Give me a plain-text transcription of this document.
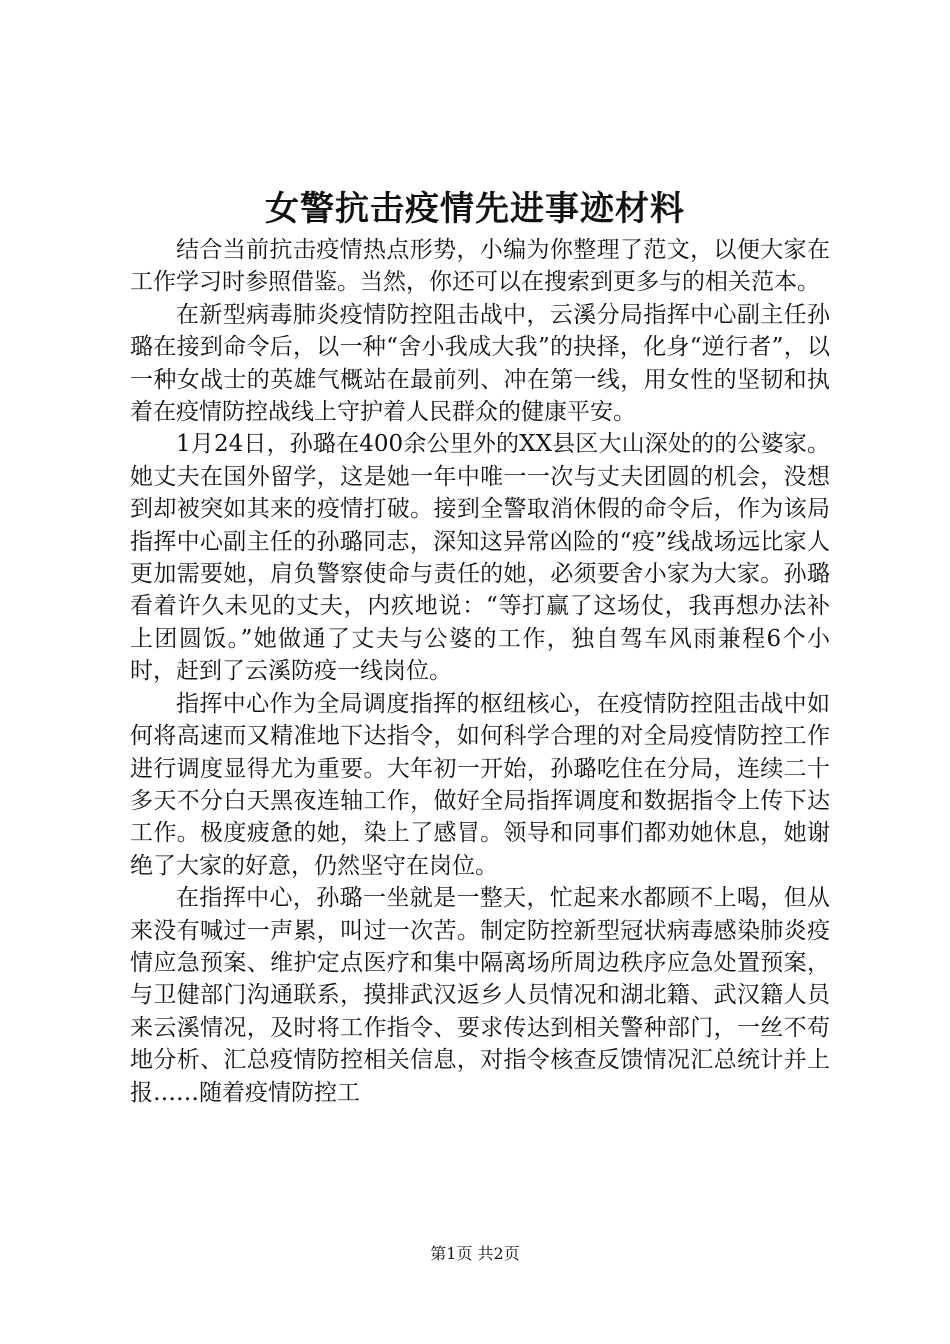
女警抗击疫情先进事迹材料

结合当前抗击疫情热点形势，小编为你整理了范文，以便大家在工作学习时参照借鉴。当然，你还可以在搜索到更多与的相关范本。

在新型病毒肺炎疫情防控阻击战中，云溪分局指挥中心副主任孙璐在接到命令后，以一种“舍小我成大我”的抉择，化身“逆行者”，以一种女战士的英雄气概站在最前列、冲在第一线，用女性的坚韧和执着在疫情防控战线上守护着人民群众的健康平安。

1月24日，孙璐在400余公里外的XX县区大山深处的的公婆家。她丈夫在国外留学，这是她一年中唯一一次与丈夫团圆的机会，没想到却被突如其来的疫情打破。接到全警取消休假的命令后，作为该局指挥中心副主任的孙璐同志，深知这异常凶险的“疫”线战场远比家人更加需要她，肩负警察使命与责任的她，必须要舍小家为大家。孙璐看着许久未见的丈夫，内疚地说：“等打赢了这场仗，我再想办法补上团圆饭。”她做通了丈夫与公婆的工作，独自驾车风雨兼程6个小时，赶到了云溪防疫一线岗位。

指挥中心作为全局调度指挥的枢纽核心，在疫情防控阻击战中如何将高速而又精准地下达指令，如何科学合理的对全局疫情防控工作进行调度显得尤为重要。大年初一开始，孙璐吃住在分局，连续二十多天不分白天黑夜连轴工作，做好全局指挥调度和数据指令上传下达工作。极度疲惫的她，染上了感冒。领导和同事们都劝她休息，她谢绝了大家的好意，仍然坚守在岗位。

在指挥中心，孙璐一坐就是一整天，忙起来水都顾不上喝，但从来没有喊过一声累，叫过一次苦。制定防控新型冠状病毒感染肺炎疫情应急预案、维护定点医疗和集中隔离场所周边秩序应急处置预案，与卫健部门沟通联系，摸排武汉返乡人员情况和湖北籍、武汉籍人员来云溪情况，及时将工作指令、要求传达到相关警种部门，一丝不苟地分析、汇总疫情防控相关信息，对指令核查反馈情况汇总统计并上报……随着疫情防控工

第1页 共2页
